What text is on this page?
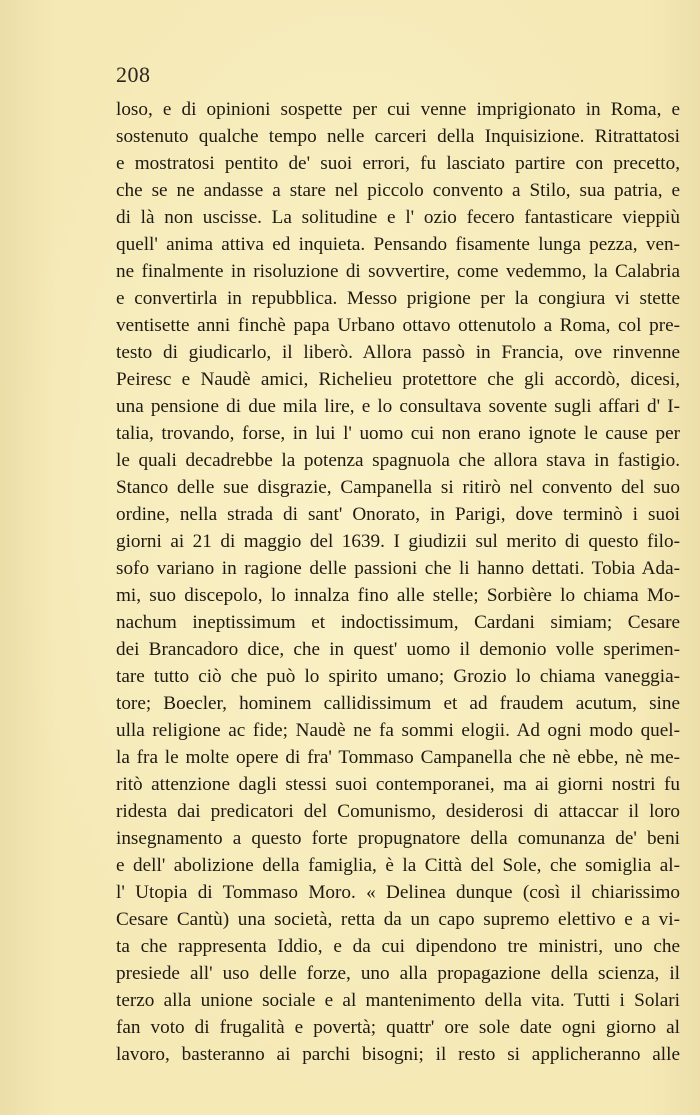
208
loso, e di opinioni sospette per cui venne imprigionato in Roma, e
sostenuto qualche tempo nelle carceri della Inquisizione. Ritrattatosi
e mostratosi pentito de' suoi errori, fu lasciato partire con precetto,
che se ne andasse a stare nel piccolo convento a Stilo, sua patria, e
di là non uscisse. La solitudine e l' ozio fecero fantasticare vieppiù
quell' anima attiva ed inquieta. Pensando fisamente lunga pezza, ven-
ne finalmente in risoluzione di sovvertire, come vedemmo, la Calabria
e convertirla in repubblica. Messo prigione per la congiura vi stette
ventisette anni finchè papa Urbano ottavo ottenutolo a Roma, col pre-
testo di giudicarlo, il liberò. Allora passò in Francia, ove rinvenne
Peiresc e Naudè amici, Richelieu protettore che gli accordò, dicesi,
una pensione di due mila lire, e lo consultava sovente sugli affari d' I-
talia, trovando, forse, in lui l' uomo cui non erano ignote le cause per
le quali decadrebbe la potenza spagnuola che allora stava in fastigio.
Stanco delle sue disgrazie, Campanella si ritirò nel convento del suo
ordine, nella strada di sant' Onorato, in Parigi, dove terminò i suoi
giorni ai 21 di maggio del 1639. I giudizii sul merito di questo filo-
sofo variano in ragione delle passioni che li hanno dettati. Tobia Ada-
mi, suo discepolo, lo innalza fino alle stelle; Sorbière lo chiama Mo-
nachum ineptissimum et indoctissimum, Cardani simiam; Cesare
dei Brancadoro dice, che in quest' uomo il demonio volle sperimen-
tare tutto ciò che può lo spirito umano; Grozio lo chiama vaneggia-
tore; Boecler, hominem callidissimum et ad fraudem acutum, sine
ulla religione ac fide; Naudè ne fa sommi elogii. Ad ogni modo quel-
la fra le molte opere di fra' Tommaso Campanella che nè ebbe, nè me-
ritò attenzione dagli stessi suoi contemporanei, ma ai giorni nostri fu
ridesta dai predicatori del Comunismo, desiderosi di attaccar il loro
insegnamento a questo forte propugnatore della comunanza de' beni
e dell' abolizione della famiglia, è la Città del Sole, che somiglia al-
l' Utopia di Tommaso Moro. « Delinea dunque (così il chiarissimo
Cesare Cantù) una società, retta da un capo supremo elettivo e a vi-
ta che rappresenta Iddio, e da cui dipendono tre ministri, uno che
presiede all' uso delle forze, uno alla propagazione della scienza, il
terzo alla unione sociale e al mantenimento della vita. Tutti i Solari
fan voto di frugalità e povertà; quattr' ore sole date ogni giorno al
lavoro, basteranno ai parchi bisogni; il resto si applicheranno alle
